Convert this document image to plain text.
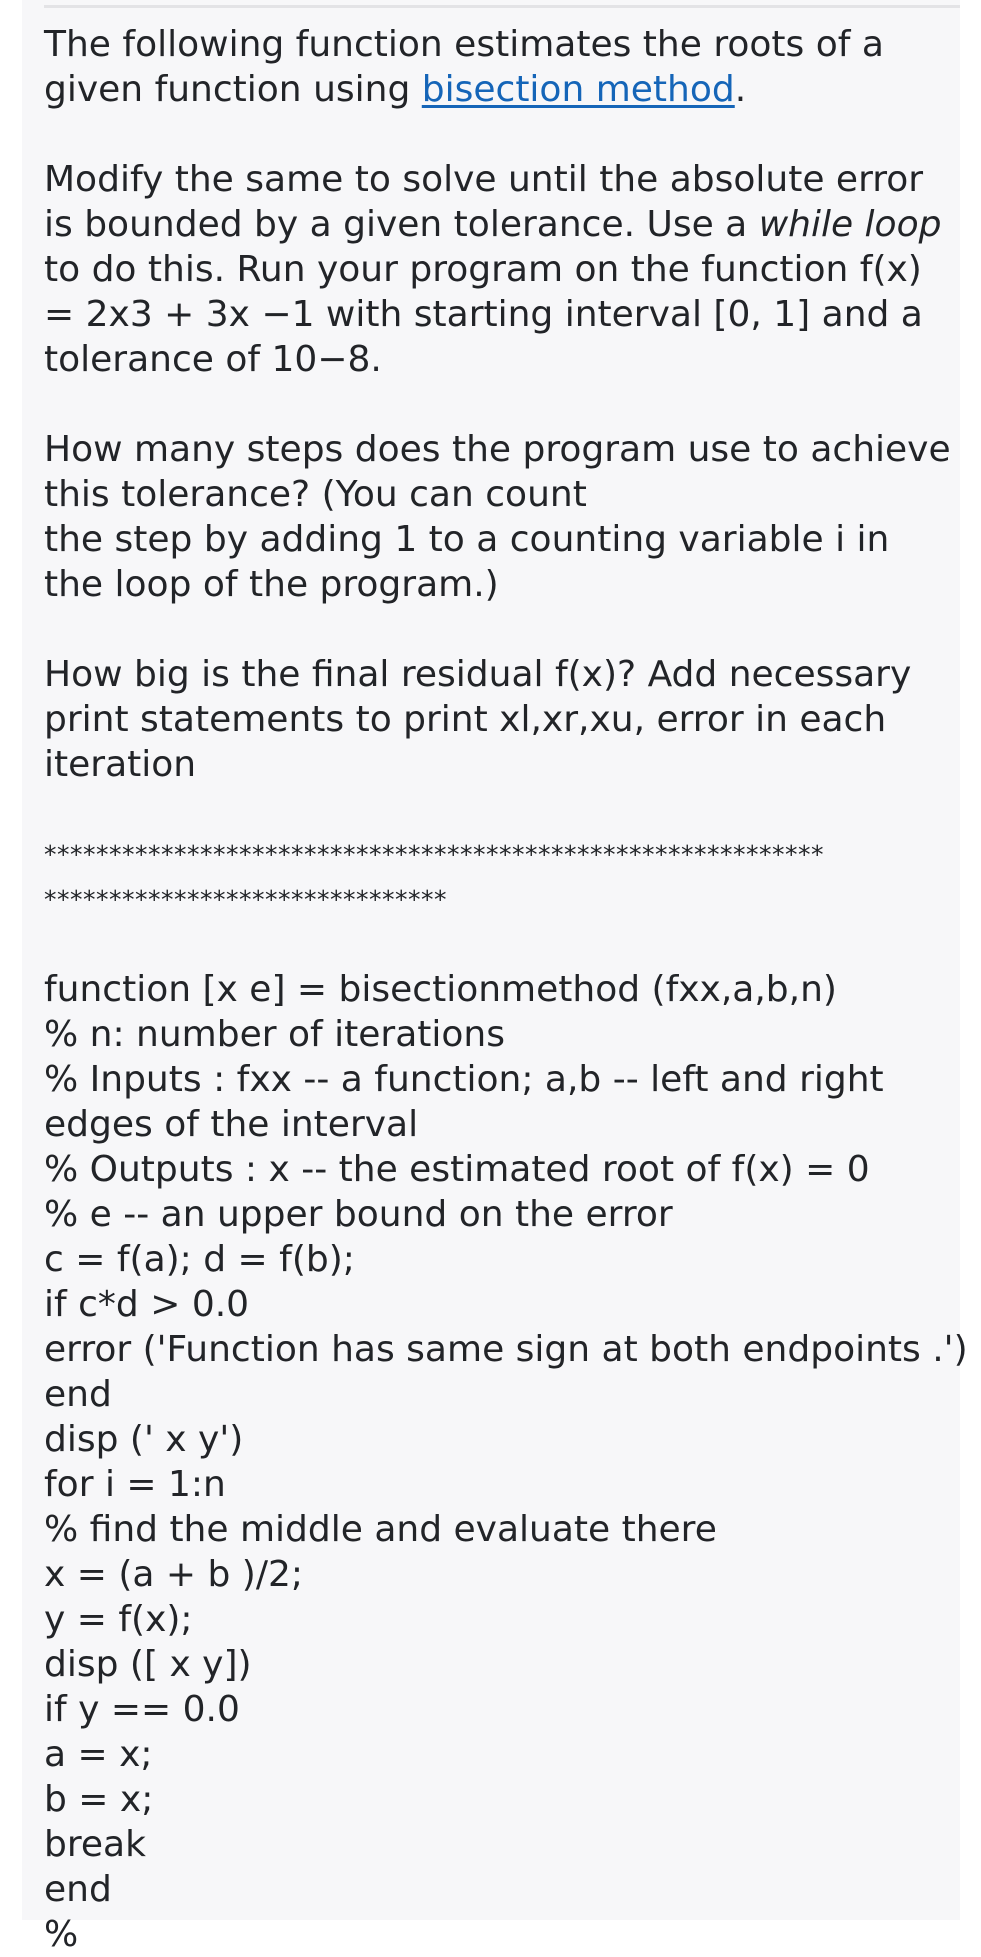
The following function estimates the roots of a given function using bisection method.

Modify the same to solve until the absolute error is bounded by a given tolerance. Use a while loop to do this. Run your program on the function f(x) = 2x3 + 3x −1 with starting interval [0, 1] and a tolerance of 10−8.

How many steps does the program use to achieve this tolerance? (You can count
the step by adding 1 to a counting variable i in the loop of the program.)

How big is the final residual f(x)? Add necessary print statements to print xl,xr,xu, error in each iteration

************************************************************
*******************************
function [x e] = bisectionmethod (fxx,a,b,n)
% n: number of iterations
% Inputs : fxx -- a function; a,b -- left and right
edges of the interval
% Outputs : x -- the estimated root of f(x) = 0
% e -- an upper bound on the error
c = f(a); d = f(b);
if c*d > 0.0
error ('Function has same sign at both endpoints .')
end
disp (' x y')
for i = 1:n
% find the middle and evaluate there
x = (a + b )/2;
y = f(x);
disp ([ x y])
if y == 0.0
a = x;
b = x;
break
end
%
